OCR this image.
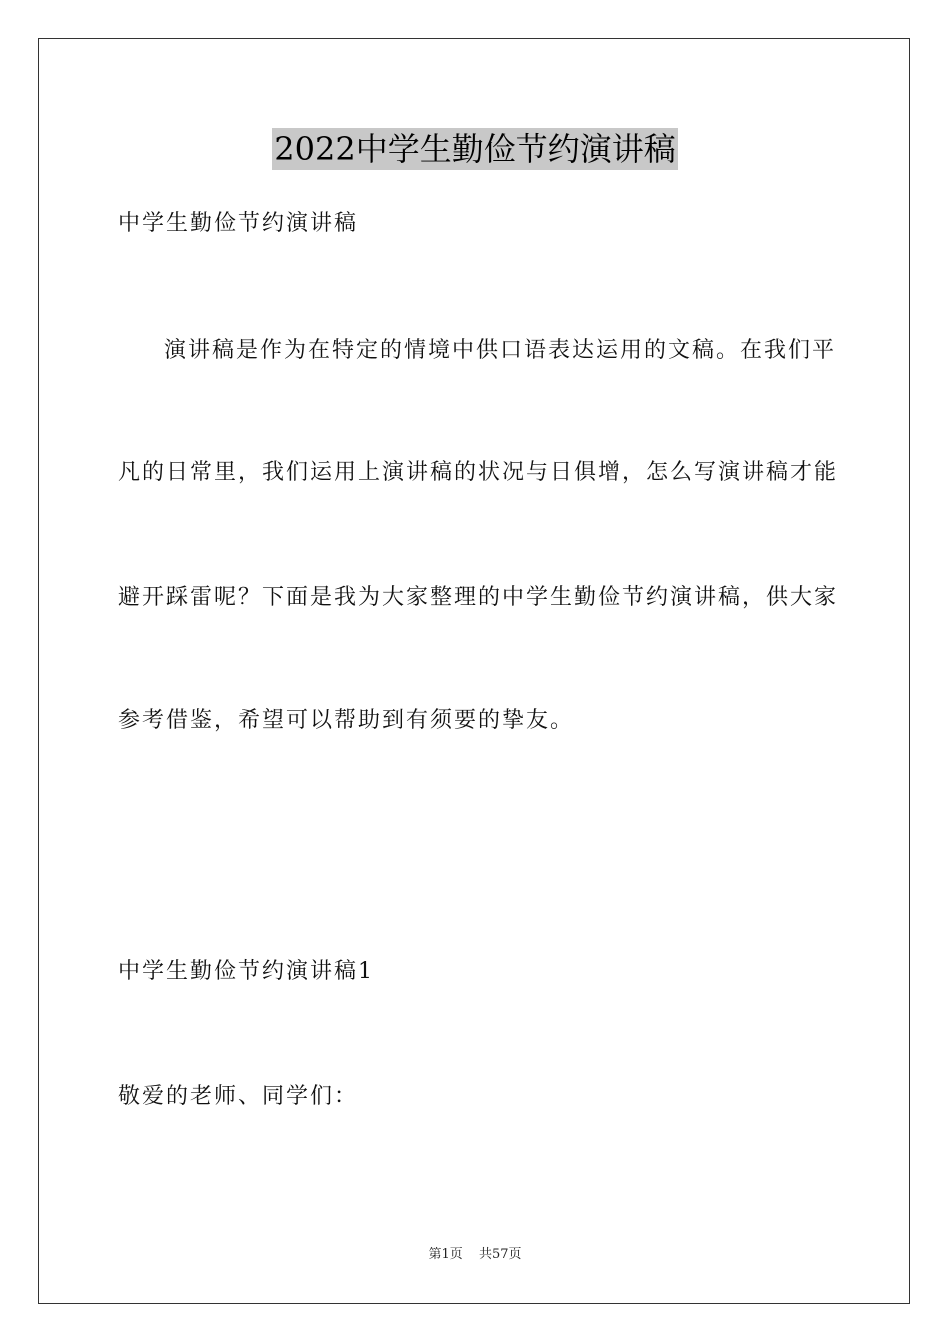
2022中学生勤俭节约演讲稿
中学生勤俭节约演讲稿
演讲稿是作为在特定的情境中供口语表达运用的文稿。在我们平
凡的日常里，我们运用上演讲稿的状况与日俱增，怎么写演讲稿才能
避开踩雷呢？下面是我为大家整理的中学生勤俭节约演讲稿，供大家
参考借鉴，希望可以帮助到有须要的挚友。
中学生勤俭节约演讲稿1
敬爱的老师、同学们：
第1页 共57页
